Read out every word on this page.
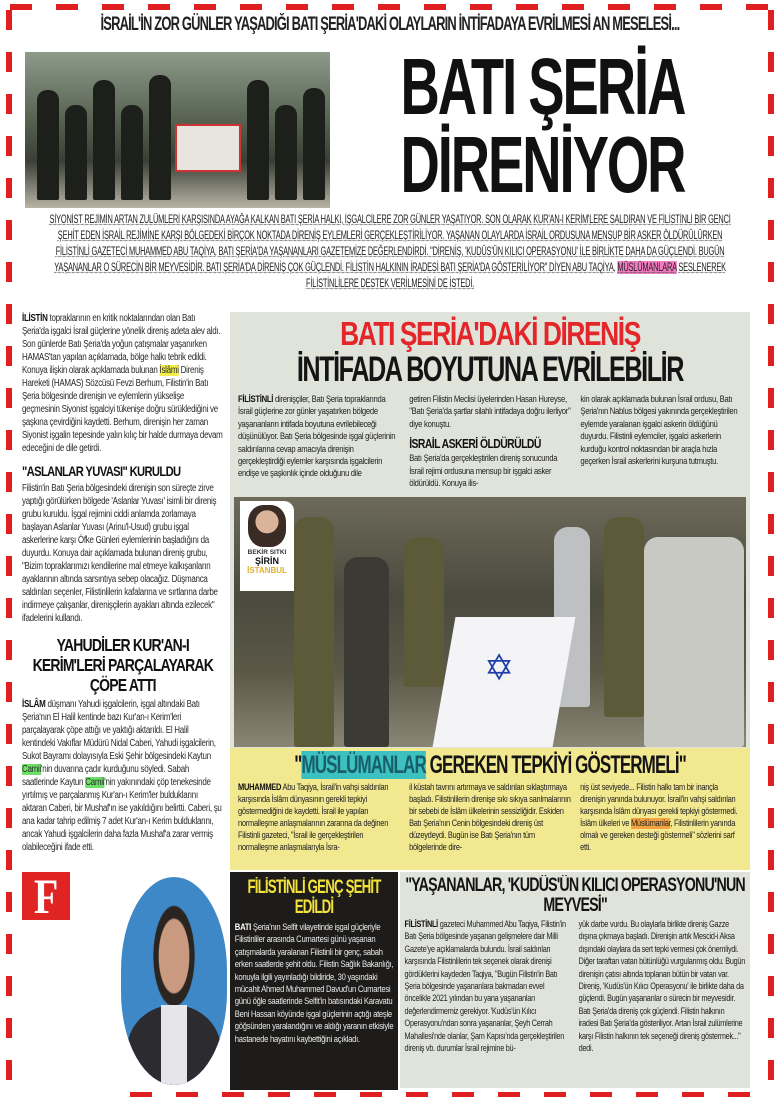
İSRAİL'İN ZOR GÜNLER YAŞADIĞI BATI ŞERİA'DAKİ OLAYLARIN İNTİFADAYA EVRİLMESİ AN MESELESİ...
BATI ŞERİA
DİRENİYOR
SİYONİST REJİMİN ARTAN ZULÜMLERİ KARŞISINDA AYAĞA KALKAN BATI ŞERİA HALKI, İŞGALCİLERE ZOR GÜNLER YAŞATIYOR. SON OLARAK KUR'AN-I KERİM'LERE SALDIRAN VE FİLİSTİNLİ BİR GENCİ ŞEHİT EDEN İSRAİL REJİMİNE KARŞI BÖLGEDEKİ BİRÇOK NOKTADA DİRENİŞ EYLEMLERİ GERÇEKLEŞTİRİLİYOR. YAŞANAN OLAYLARDA İSRAİL ORDUSUNA MENSUP BİR ASKER ÖLDÜRÜLÜRKEN FİLİSTİNLİ GAZETECİ MUHAMMED ABU TAQİYA, BATI ŞERİA'DA YAŞANANLARI GAZETEMİZE DEĞERLENDİRDİ. "DİRENİŞ, 'KUDÜS'ÜN KILICI OPERASYONU' İLE BİRLİKTE DAHA DA GÜÇLENDİ. BUGÜN YAŞANANLAR O SÜRECİN BİR MEYVESİDİR. BATI ŞERİA'DA DİRENİŞ ÇOK GÜÇLENDİ. FİLİSTİN HALKININ İRADESİ BATI ŞERİA'DA GÖSTERİLİYOR" DİYEN ABU TAQİYA, MÜSLÜMANLARA SESLENEREK FİLİSTİNLİLERE DESTEK VERİLMESİNİ DE İSTEDİ.
F

İLİSTİN topraklarının en kritik noktalarından olan Batı Şeria'da işgalci İsrail güçlerine yönelik direniş adeta alev aldı. Son günlerde Batı Şeria'da yoğun çatışmalar yaşanırken HAMAS'tan yapılan açıklamada, bölge halkı tebrik edildi. Konuya ilişkin olarak açıklamada bulunan İslâmi Direniş Hareketi (HAMAS) Sözcüsü Fevzi Berhum, Filistin'in Batı Şeria bölgesinde direnişin ve eylemlerin yükselişe geçmesinin Siyonist işgalciyi tükenişe doğru sürüklediğini ve şaşkına çevirdiğini kaydetti. Berhum, direnişin her zaman Siyonist işgalin tepesinde yalın kılıç bir halde durmaya devam edeceğini de dile getirdi.

"ASLANLAR YUVASI" KURULDU

Filistin'in Batı Şeria bölgesindeki direnişin son süreçte zirve yaptığı görülürken bölgede 'Aslanlar Yuvası' isimli bir direniş grubu kuruldu. İşgal rejimini ciddi anlamda zorlamaya başlayan Aslanlar Yuvası (Arinu'l-Usud) grubu işgal askerlerine karşı Öfke Günleri eylemlerinin başladığını da duyurdu. Konuya dair açıklamada bulunan direniş grubu, "Bizim topraklarımızı kendilerine mal etmeye kalkışanların ayaklarının altında sarsıntıya sebep olacağız. Düşmanca saldırıları seçenler, Filistinlilerin kafalarına ve sırtlarına darbe indirmeye çalışanlar, direnişçilerin ayakları altında ezilecek" ifadelerini kullandı.

YAHUDİLER KUR'AN-I KERİM'LERİ PARÇALAYARAK ÇÖPE ATTI

İSLÂM düşmanı Yahudi işgalcilerin, işgal altındaki Batı Şeria'nın El Halil kentinde bazı Kur'an-ı Kerim'leri parçalayarak çöpe attığı ve yaktığı aktarıldı. El Halil kentindeki Vakıflar Müdürü Nidal Caberi, Yahudi işgalcilerin, Sukot Bayramı dolayısıyla Eski Şehir bölgesindeki Kaytun Camii'nin duvarına çadır kurduğunu söyledi. Sabah saatlerinde Kaytun Camii'nin yakınındaki çöp tenekesinde yırtılmış ve parçalanmış Kur'an-ı Kerim'ler bulduklarını aktaran Caberi, bir Mushaf'ın ise yakıldığını belirtti. Caberi, şu ana kadar tahrip edilmiş 7 adet Kur'an-ı Kerim bulduklarını, ancak Yahudi işgalcilerin daha fazla Mushaf'a zarar vermiş olabileceğini ifade etti.

BATI ŞERİA'DAKİ DİRENİŞ
İNTİFADA BOYUTUNA EVRİLEBİLİR
FİLİSTİNLİ direnişçiler, Batı Şeria topraklarında İsrail güçlerine zor günler yaşatırken bölgede yaşananların intifada boyutuna evrilebileceği düşünülüyor. Batı Şeria bölgesinde işgal güçlerinin saldırılarına cevap amacıyla direnişin gerçekleştirdiği eylemler karşısında işgalcilerin endişe ve şaşkınlık içinde olduğunu dile
getiren Filistin Meclisi üyelerinden Hasan Hureyse, "Batı Şeria'da şartlar silahlı intifadaya doğru ilerliyor" diye konuştu.
İSRAİL ASKERİ ÖLDÜRÜLDÜ
Batı Şeria'da gerçekleştirilen direniş sonucunda İsrail rejimi ordusuna mensup bir işgalci asker öldürüldü. Konuya ilis-
kin olarak açıklamada bulunan İsrail ordusu, Batı Şeria'nın Nablus bölgesi yakınında gerçekleştirilen eylemde yaralanan işgalci askerin öldüğünü duyurdu. Filistinli eylemciler, işgalci askerlerin kurduğu kontrol noktasından bir araçla hızla geçerken İsrail askerlerini kurşuna tutmuştu.
✡
BEKİR SITKI
ŞİRİN
İSTANBUL
"MÜSLÜMANLAR GEREKEN TEPKİYİ GÖSTERMELİ"
MUHAMMED Abu Taqiya, İsrail'in vahşi saldırıları karşısında İslâm dünyasının gerekli tepkiyi göstermediğini de kaydetti. İsrail ile yapılan normalleşme anlaşmalarının zararına da değinen Filistinli gazeteci, "İsrail ile gerçekleştirilen normalleşme anlaşmalarıyla İsra-
il küstah tavrını artırmaya ve saldırıları sıklaştırmaya başladı. Filistinlilerin direnişe sıkı sıkıya sarılmalarının bir sebebi de İslâm ülkelerinin sessizliğidir. Eskiden Batı Şeria'nın Cenin bölgesindeki direniş üst düzeydeydi. Bugün ise Batı Şeria'nın tüm bölgelerinde dire-
niş üst seviyede... Filistin halkı tam bir inançla direnişin yanında bulunuyor. İsrail'in vahşi saldırıları karşısında İslâm dünyası gerekli tepkiyi göstermedi. İslâm ülkeleri ve Müslümanlar, Filistinlilerin yanında olmalı ve gereken desteği göstermeli" sözlerini sarf etti.
FİLİSTİNLİ GENÇ ŞEHİT EDİLDİ
BATI Şeria'nın Selfit vilayetinde işgal güçleriyle Filistinliler arasında Cumartesi günü yaşanan çatışmalarda yaralanan Filistinli bir genç, sabah erken saatlerde şehit oldu. Filistin Sağlık Bakanlığı, konuyla ilgili yayınladığı bildiride, 30 yaşındaki mücahit Ahmed Muhammed Davud'un Cumartesi günü öğle saatlerinde Selfit'in batısındaki Karavatu Beni Hassan köyünde işgal güçlerinin açtığı ateşle göğsünden yaralandığını ve aldığı yaranın etkisiyle hastanede hayatını kaybettiğini açıkladı.
"YAŞANANLAR, 'KUDÜS'ÜN KILICI OPERASYONU'NUN MEYVESİ"
FİLİSTİNLİ gazeteci Muhammed Abu Taqiya, Filistin'in Batı Şeria bölgesinde yaşanan gelişmelere dair Milli Gazete'ye açıklamalarda bulundu. İsrail saldırıları karşısında Filistinlilerin tek seçenek olarak direnişi gördüklerini kaydeden Taqiya, "Bugün Filistin'in Batı Şeria bölgesinde yaşananlara bakmadan evvel öncelikle 2021 yılından bu yana yaşananları değerlendirmemiz gerekiyor. 'Kudüs'ün Kılıcı Operasyonu'ndan sonra yaşananlar, Şeyh Cerrah Mahallesi'nde olanlar, Şam Kapısı'nda gerçekleştirilen direniş vb. durumlar İsrail rejimine bü-
yük darbe vurdu. Bu olaylarla birlikte direniş Gazze dışına çıkmaya başladı. Direnişin artık Mescid-i Aksa dışındaki olaylara da sert tepki vermesi çok önemliydi. Diğer taraftan vatan bütünlüğü vurgulanmış oldu. Bugün direnişin çatısı altında toplanan bütün bir vatan var. Direniş, 'Kudüs'ün Kılıcı Operasyonu' ile birlikte daha da güçlendi. Bugün yaşananlar o sürecin bir meyvesidir. Batı Şeria'da direniş çok güçlendi. Filistin halkının iradesi Batı Şeria'da gösteriliyor. Artan İsrail zulümlerine karşı Filistin halkının tek seçeneği direniş göstermek..." dedi.
